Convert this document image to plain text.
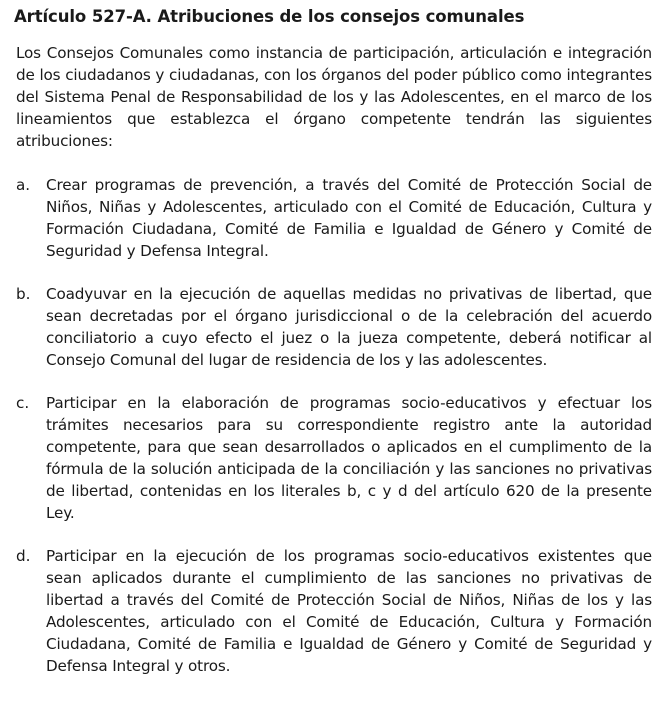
Artículo 527-A. Atribuciones de los consejos comunales

Los Consejos Comunales como instancia de participación, articulación e integración de los ciudadanos y ciudadanas, con los órganos del poder público como integrantes del Sistema Penal de Responsabilidad de los y las Adolescentes, en el marco de los lineamientos que establezca el órgano competente tendrán las siguientes atribuciones:

a.	Crear programas de prevención, a través del Comité de Protección Social de Niños, Niñas y Adolescentes, articulado con el Comité de Educación, Cultura y Formación Ciudadana, Comité de Familia e Igualdad de Género y Comité de Seguridad y Defensa Integral.
b.	Coadyuvar en la ejecución de aquellas medidas no privativas de libertad, que sean decretadas por el órgano jurisdiccional o de la celebración del acuerdo conciliatorio a cuyo efecto el juez o la jueza competente, deberá notificar al Consejo Comunal del lugar de residencia de los y las adolescentes.
c.	Participar en la elaboración de programas socio-educativos y efectuar los trámites necesarios para su correspondiente registro ante la autoridad competente, para que sean desarrollados o aplicados en el cumplimento de la fórmula de la solución anticipada de la conciliación y las sanciones no privativas de libertad, contenidas en los literales b, c y d del artículo 620 de la presente Ley.
d.	Participar en la ejecución de los programas socio-educativos existentes que sean aplicados durante el cumplimiento de las sanciones no privativas de libertad a través del Comité de Protección Social de Niños, Niñas de los y las Adolescentes, articulado con el Comité de Educación, Cultura y Formación Ciudadana, Comité de Familia e Igualdad de Género y Comité de Seguridad y Defensa Integral y otros.
